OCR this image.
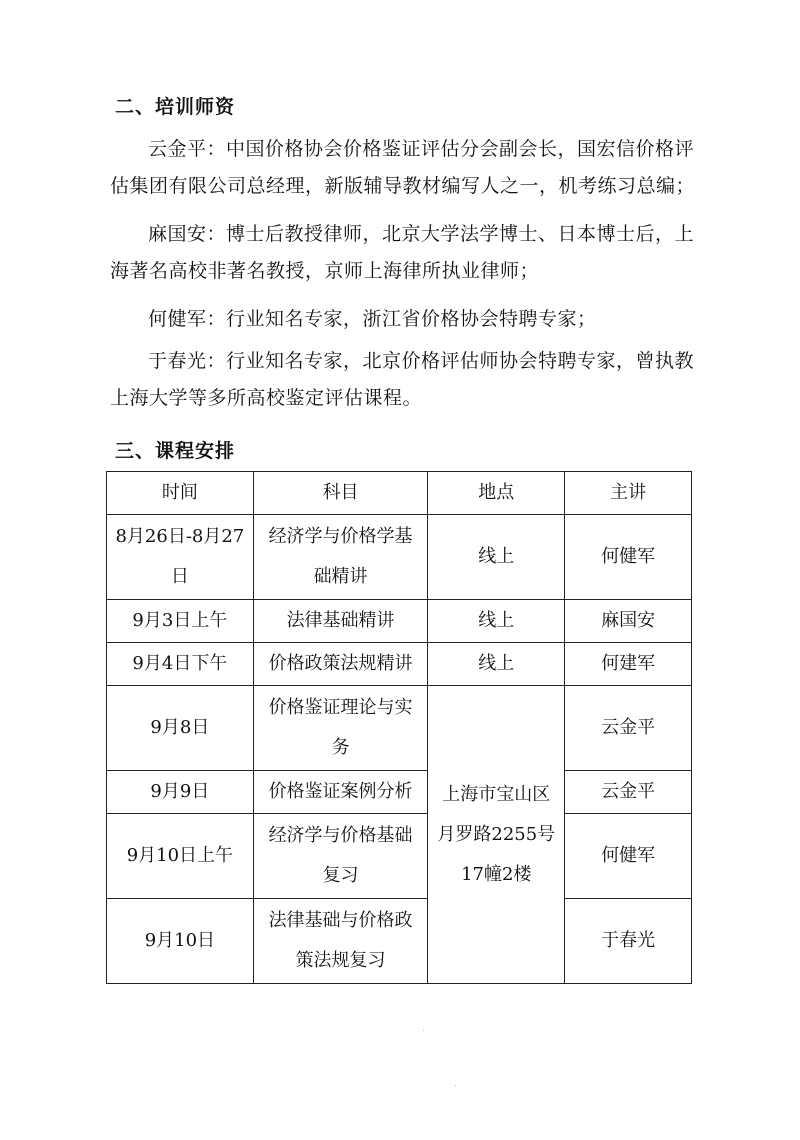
二、培训师资
云金平：中国价格协会价格鉴证评估分会副会长，国宏信价格评估集团有限公司总经理，新版辅导教材编写人之一，机考练习总编；
麻国安：博士后教授律师，北京大学法学博士、日本博士后，上海著名高校非著名教授，京师上海律所执业律师；
何健军：行业知名专家，浙江省价格协会特聘专家；
于春光：行业知名专家，北京价格评估师协会特聘专家，曾执教上海大学等多所高校鉴定评估课程。
三、课程安排
时间	科目	地点	主讲
8月26日-8月27日	经济学与价格学基础精讲	线上	何健军
9月3日上午	法律基础精讲	线上	麻国安
9月4日下午	价格政策法规精讲	线上	何建军
9月8日	价格鉴证理论与实务	上海市宝山区月罗路2255号17幢2楼	云金平
9月9日	价格鉴证案例分析		云金平
9月10日上午	经济学与价格基础复习		何健军
9月10日	法律基础与价格政策法规复习		于春光
